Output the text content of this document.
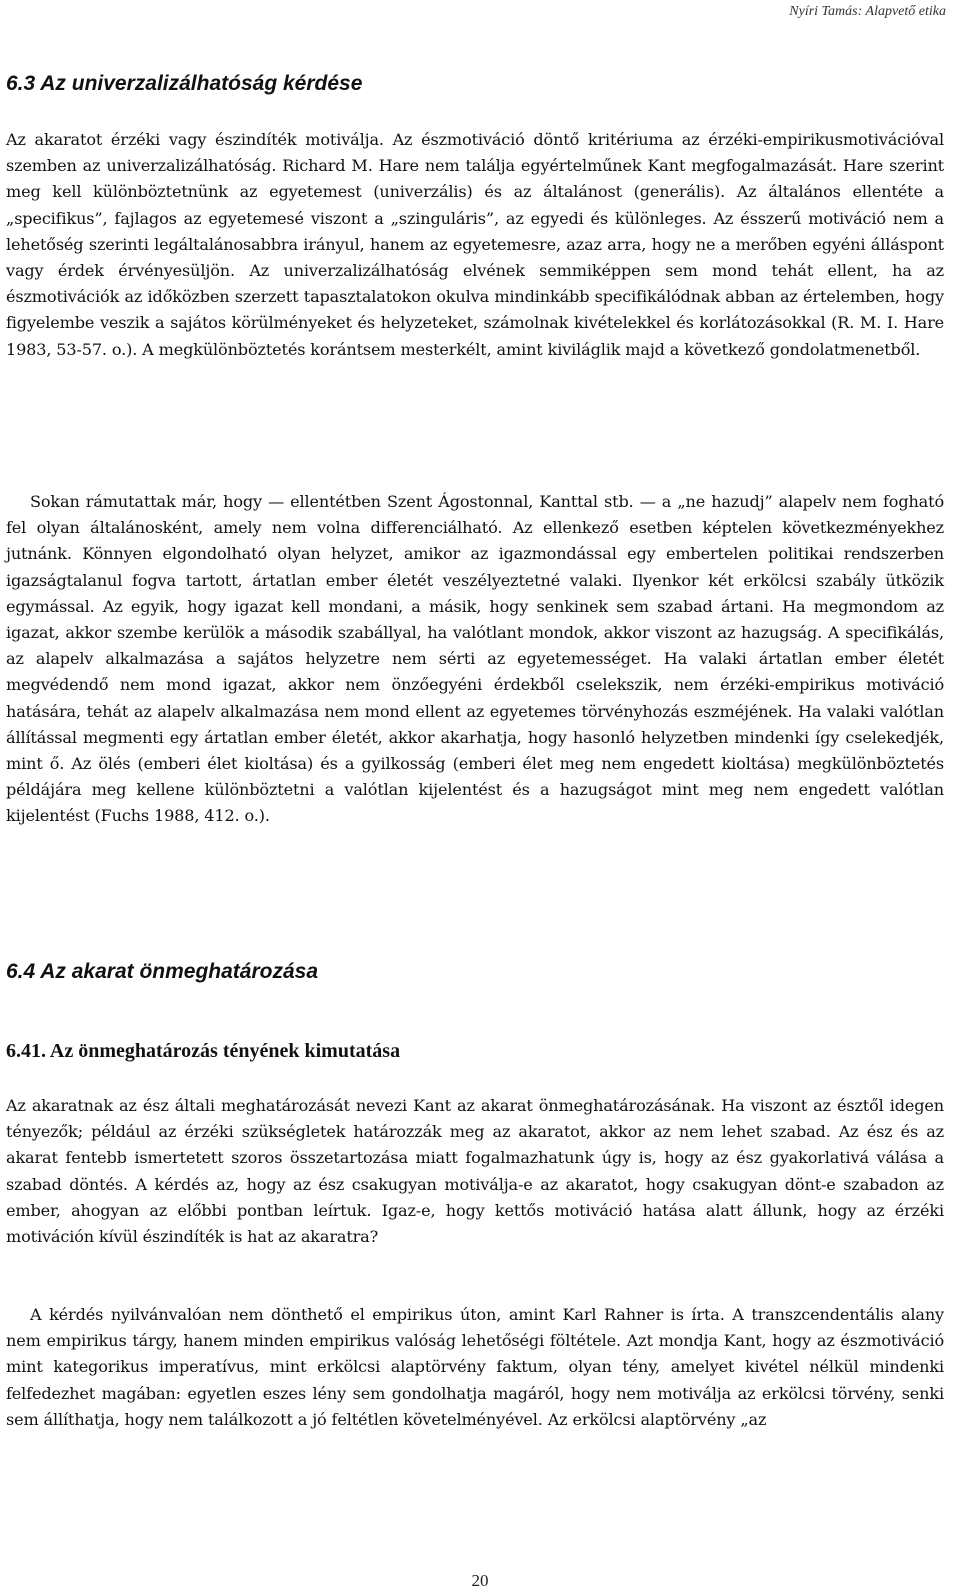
Nyíri Tamás: Alapvető etika
6.3 Az univerzalizálhatóság kérdése

Az akaratot érzéki vagy észindíték motiválja. Az észmotiváció döntő kritériuma az érzéki-empirikusmotivációval szemben az univerzalizálhatóság. Richard M. Hare nem találja egyértelműnek Kant megfogalmazását. Hare szerint meg kell különböztetnünk az egyetemest (univerzális) és az általánost (generális). Az általános ellentéte a „specifikus”, fajlagos az egyetemesé viszont a „szinguláris”, az egyedi és különleges. Az ésszerű motiváció nem a lehetőség szerinti legáltalánosabbra irányul, hanem az egyetemesre, azaz arra, hogy ne a merőben egyéni álláspont vagy érdek érvényesüljön. Az univerzalizálhatóság elvének semmiképpen sem mond tehát ellent, ha az észmotivációk az időközben szerzett tapasztalatokon okulva mindinkább specifikálódnak abban az értelemben, hogy figyelembe veszik a sajátos körülményeket és helyzeteket, számolnak kivételekkel és korlátozásokkal (R. M. I. Hare 1983, 53-57. o.). A megkülönböztetés korántsem mesterkélt, amint kiviláglik majd a következő gondolatmenetből.

Sokan rámutattak már, hogy — ellentétben Szent Ágostonnal, Kanttal stb. — a „ne hazudj” alapelv nem fogható fel olyan általánosként, amely nem volna differenciálható. Az ellenkező esetben képtelen következményekhez jutnánk. Könnyen elgondolható olyan helyzet, amikor az igazmondással egy embertelen politikai rendszerben igazságtalanul fogva tartott, ártatlan ember életét veszélyeztetné valaki. Ilyenkor két erkölcsi szabály ütközik egymással. Az egyik, hogy igazat kell mondani, a másik, hogy senkinek sem szabad ártani. Ha megmondom az igazat, akkor szembe kerülök a második szabállyal, ha valótlant mondok, akkor viszont az hazugság. A specifikálás, az alapelv alkalmazása a sajátos helyzetre nem sérti az egyetemességet. Ha valaki ártatlan ember életét megvédendő nem mond igazat, akkor nem önzőegyéni érdekből cselekszik, nem érzéki-empirikus motiváció hatására, tehát az alapelv alkalmazása nem mond ellent az egyetemes törvényhozás eszméjének. Ha valaki valótlan állítással megmenti egy ártatlan ember életét, akkor akarhatja, hogy hasonló helyzetben mindenki így cselekedjék, mint ő. Az ölés (emberi élet kioltása) és a gyilkosság (emberi élet meg nem engedett kioltása) megkülönböztetés példájára meg kellene különböztetni a valótlan kijelentést és a hazugságot mint meg nem engedett valótlan kijelentést (Fuchs 1988, 412. o.).

6.4 Az akarat önmeghatározása
6.41. Az önmeghatározás tényének kimutatása

Az akaratnak az ész általi meghatározását nevezi Kant az akarat önmeghatározásának. Ha viszont az észtől idegen tényezők; például az érzéki szükségletek határozzák meg az akaratot, akkor az nem lehet szabad. Az ész és az akarat fentebb ismertetett szoros összetartozása miatt fogalmazhatunk úgy is, hogy az ész gyakorlativá válása a szabad döntés. A kérdés az, hogy az ész csakugyan motiválja-e az akaratot, hogy csakugyan dönt-e szabadon az ember, ahogyan az előbbi pontban leírtuk. Igaz-e, hogy kettős motiváció hatása alatt állunk, hogy az érzéki motiváción kívül észindíték is hat az akaratra?

A kérdés nyilvánvalóan nem dönthető el empirikus úton, amint Karl Rahner is írta. A transzcendentális alany nem empirikus tárgy, hanem minden empirikus valóság lehetőségi föltétele. Azt mondja Kant, hogy az észmotiváció mint kategorikus imperatívus, mint erkölcsi alaptörvény faktum, olyan tény, amelyet kivétel nélkül mindenki felfedezhet magában: egyetlen eszes lény sem gondolhatja magáról, hogy nem motiválja az erkölcsi törvény, senki sem állíthatja, hogy nem találkozott a jó feltétlen követelményével. Az erkölcsi alaptörvény „az

20
